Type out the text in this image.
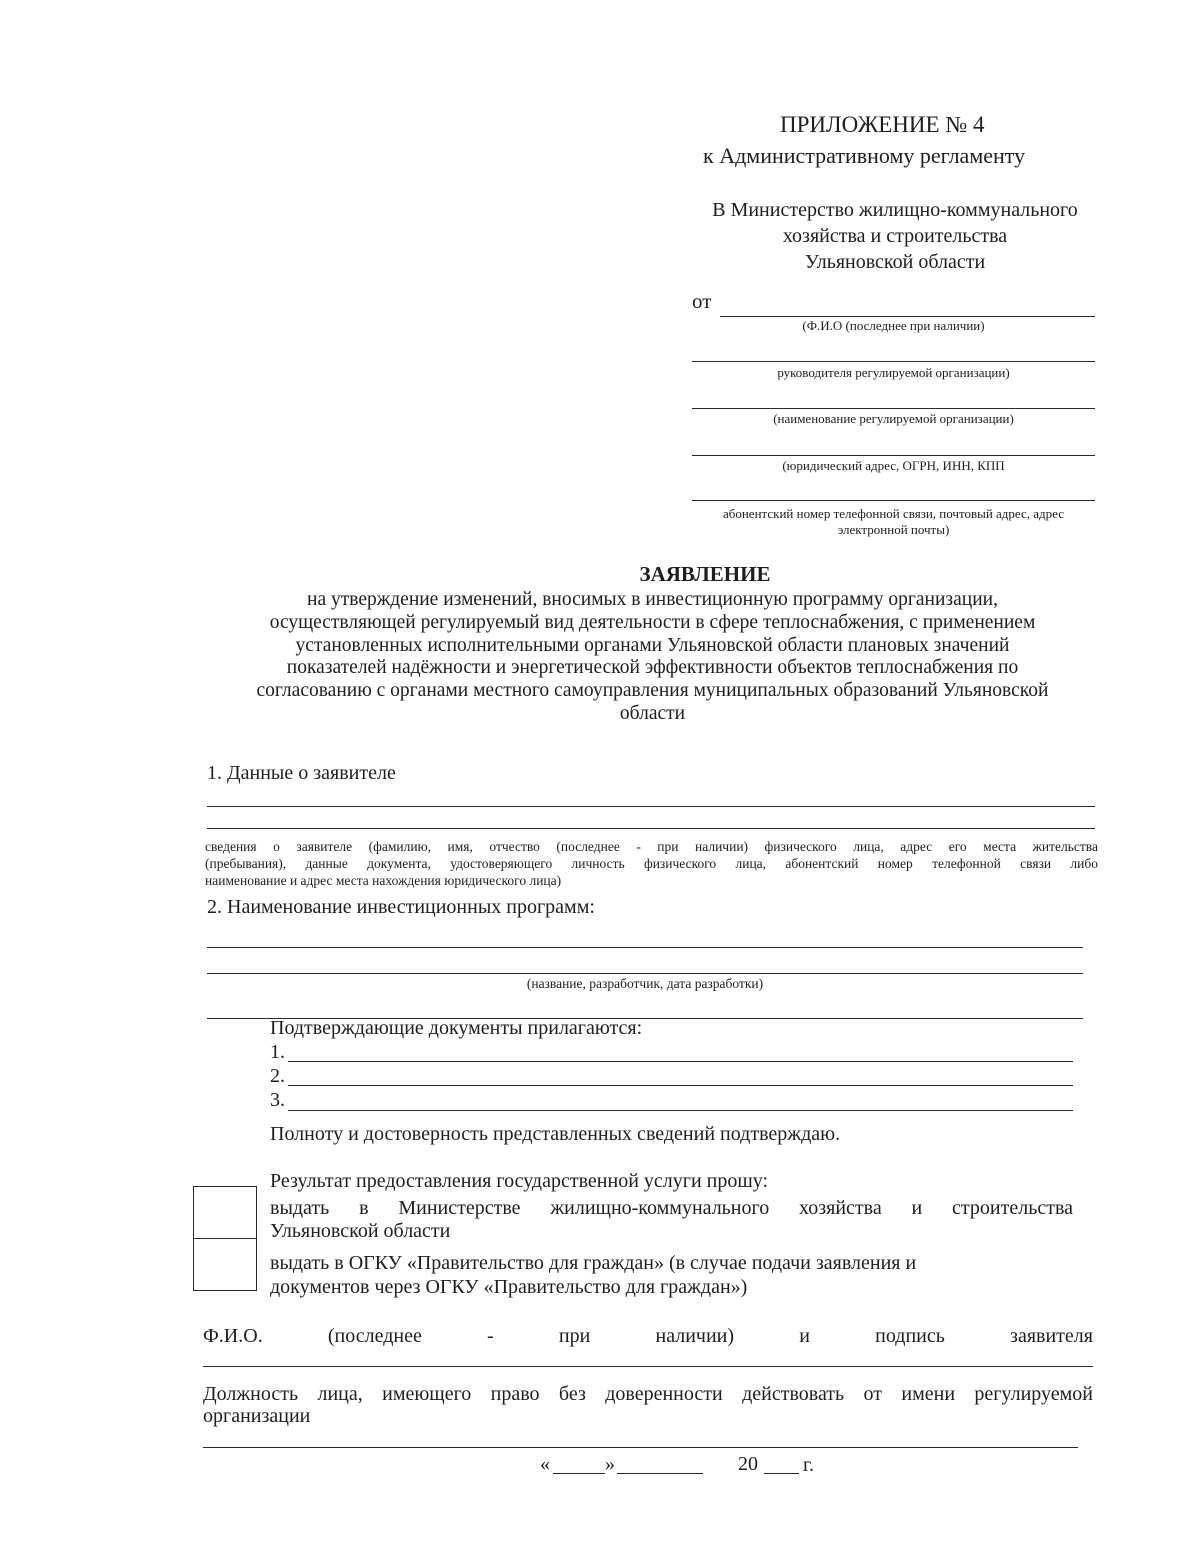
ПРИЛОЖЕНИЕ № 4
к Административному регламенту
В Министерство жилищно-коммунального
хозяйства и строительства
Ульяновской области
от
(Ф.И.О (последнее при наличии)
руководителя регулируемой организации)
(наименование регулируемой организации)
(юридический адрес, ОГРН, ИНН, КПП
абонентский номер телефонной связи, почтовый адрес, адрес
электронной почты)
ЗАЯВЛЕНИЕ
на утверждение изменений, вносимых в инвестиционную программу организации,
осуществляющей регулируемый вид деятельности в сфере теплоснабжения, с применением
установленных исполнительными органами Ульяновской области плановых значений
показателей надёжности и энергетической эффективности объектов теплоснабжения по
согласованию с органами местного самоуправления муниципальных образований Ульяновской
области
1. Данные о заявителе
сведения о заявителе (фамилию, имя, отчество (последнее - при наличии) физического лица, адрес его места жительства
(пребывания), данные документа, удостоверяющего личность физического лица, абонентский номер телефонной связи либо
наименование и адрес места нахождения юридического лица)
2. Наименование инвестиционных программ:
(название, разработчик, дата разработки)
Подтверждающие документы прилагаются:
1.
2.
3.
Полноту и достоверность представленных сведений подтверждаю.
Результат предоставления государственной услуги прошу:
выдать в Министерстве жилищно-коммунального хозяйства и строительства
Ульяновской области
выдать в ОГКУ «Правительство для граждан» (в случае подачи заявления и
документов через ОГКУ «Правительство для граждан»)
Ф.И.О.	(последнее	-	при	наличии)	и	подпись	заявителя
Должность лица, имеющего право без доверенности действовать от имени регулируемой
организации
«	»	20 г.
